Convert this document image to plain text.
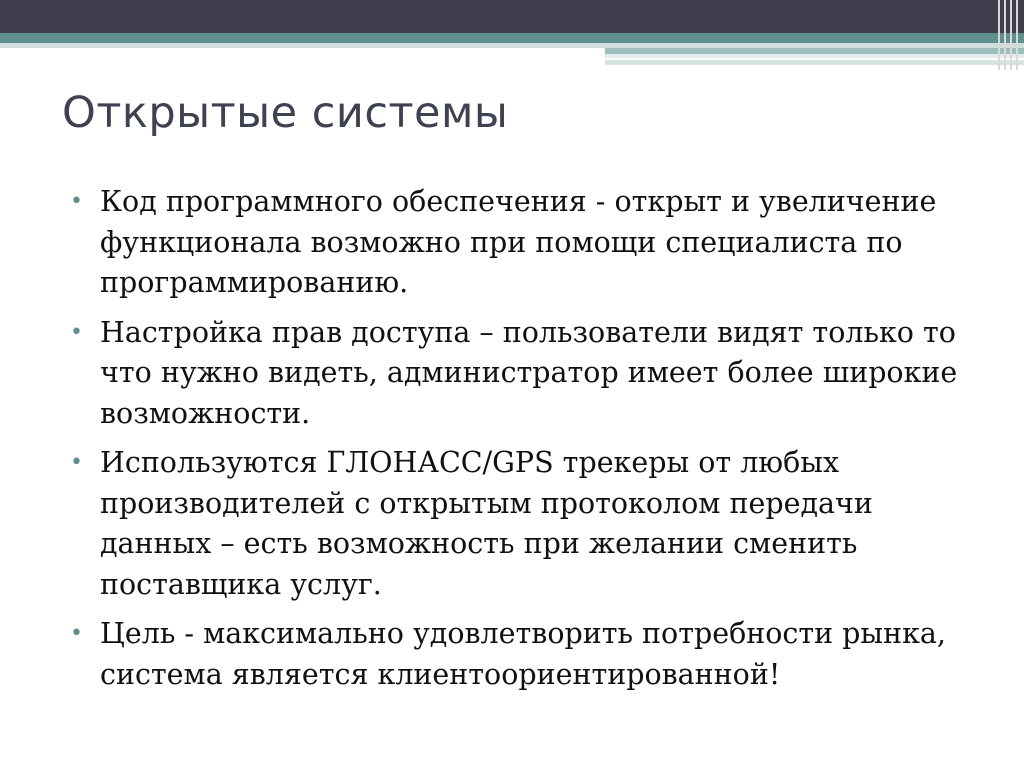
Открытые системы
• Код программного обеспечения - открыт и увеличение функционала возможно при помощи специалиста по программированию.
• Настройка прав доступа – пользователи видят только то что нужно видеть, администратор имеет более широкие возможности.
• Используются ГЛОНАСС/GPS трекеры от любых производителей с открытым протоколом передачи данных – есть возможность при желании сменить поставщика услуг.
• Цель - максимально удовлетворить потребности рынка, система является клиентоориентированной!
